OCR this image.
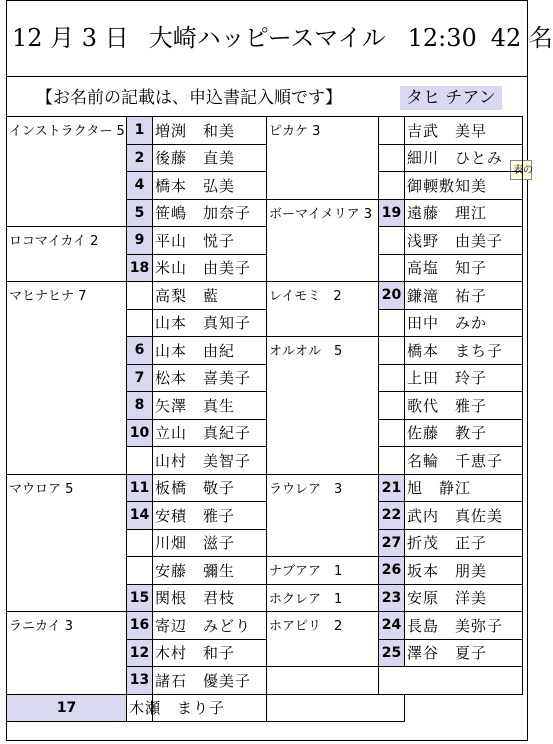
12 月 3 日 大崎ハッピースマイル 12:30 42 名
【お名前の記載は、申込書記入順です】	タヒ チアン
表の
インストラクター 5	1	増渕　和美	ピカケ 3		吉武　美早
	2	後藤　直美			細川　ひとみ
	4	橋本　弘美			御輭敷知美
	5	笹嶋　加奈子	ボーマイメリア 3	19	遠藤　理江
ロコマイカイ 2	9	平山　悦子			浅野　由美子
	18	米山　由美子			高塩　知子
マヒナヒナ 7		高梨　藍	レイモミ　2	20	鎌滝　祐子
		山本　真知子			田中　みか
	6	山本　由紀	オルオル　5		橋本　まち子
	7	松本　喜美子			上田　玲子
	8	矢澤　真生			歌代　雅子
	10	立山　真紀子			佐藤　教子
		山村　美智子			名輪　千恵子
マウロア 5	11	板橋　敬子	ラウレア　3	21	旭　静江
	14	安積　雅子		22	武内　真佐美
		川畑　滋子		27	折茂　正子
		安藤　彌生	ナブアア　1	26	坂本　朋美
	15	関根　君枝	ホクレア　1	23	安原　洋美
ラニカイ 3	16	寄辺　みどり	ホアピリ　2	24	長島　美弥子
	12	木村　和子		25	澤谷　夏子
	13	諸石　優美子			
17	木瀬　まり子				
